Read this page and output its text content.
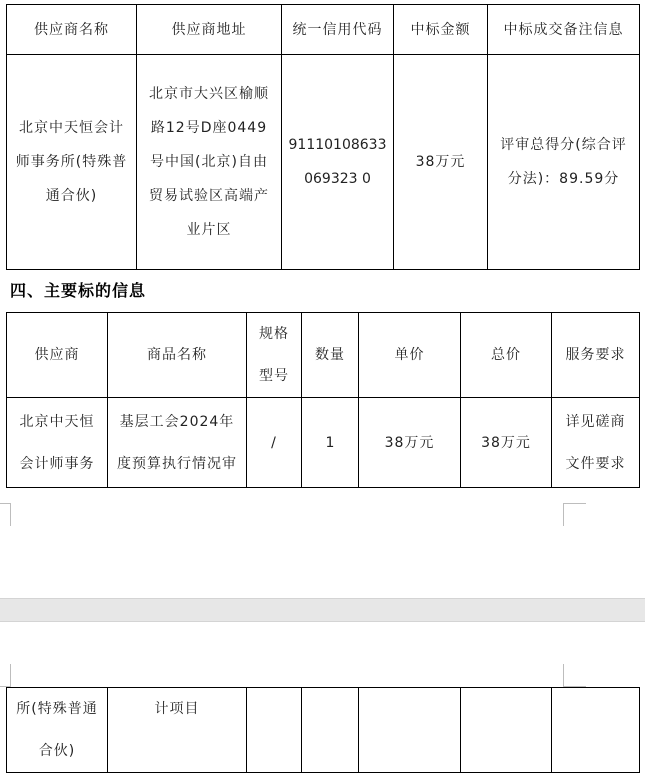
供应商名称	供应商地址	统一信用代码	中标金额	中标成交备注信息
北京中天恒会计师事务所(特殊普通合伙)	北京市大兴区榆顺路12号D座0449号中国(北京)自由贸易试验区高端产业片区	91110108633069323 0	38万元	评审总得分(综合评分法)：89.59分
四、主要标的信息
供应商	商品名称	规格型号	数量	单价	总价	服务要求
北京中天恒会计师事务	基层工会2024年度预算执行情况审	/	1	38万元	38万元	详见磋商文件要求
所(特殊普通合伙)	计项目					
